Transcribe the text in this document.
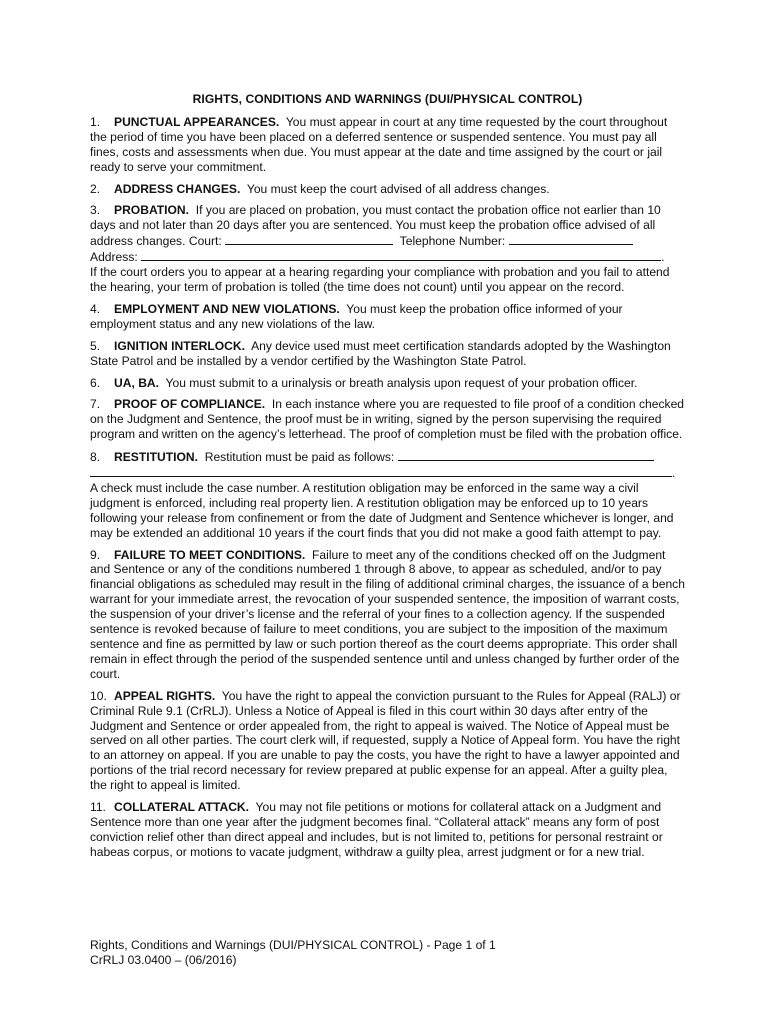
RIGHTS, CONDITIONS AND WARNINGS (DUI/PHYSICAL CONTROL)
1. PUNCTUAL APPEARANCES. You must appear in court at any time requested by the court throughout the period of time you have been placed on a deferred sentence or suspended sentence. You must pay all fines, costs and assessments when due. You must appear at the date and time assigned by the court or jail ready to serve your commitment.
2. ADDRESS CHANGES. You must keep the court advised of all address changes.
3. PROBATION. If you are placed on probation, you must contact the probation office not earlier than 10 days and not later than 20 days after you are sentenced. You must keep the probation office advised of all address changes. Court:	Telephone Number:
Address:	.
If the court orders you to appear at a hearing regarding your compliance with probation and you fail to attend the hearing, your term of probation is tolled (the time does not count) until you appear on the record.
4. EMPLOYMENT AND NEW VIOLATIONS. You must keep the probation office informed of your employment status and any new violations of the law.
5. IGNITION INTERLOCK. Any device used must meet certification standards adopted by the Washington State Patrol and be installed by a vendor certified by the Washington State Patrol.
6. UA, BA. You must submit to a urinalysis or breath analysis upon request of your probation officer.
7. PROOF OF COMPLIANCE. In each instance where you are requested to file proof of a condition checked on the Judgment and Sentence, the proof must be in writing, signed by the person supervising the required program and written on the agency’s letterhead. The proof of completion must be filed with the probation office.
8. RESTITUTION. Restitution must be paid as follows:
.
A check must include the case number. A restitution obligation may be enforced in the same way a civil judgment is enforced, including real property lien. A restitution obligation may be enforced up to 10 years following your release from confinement or from the date of Judgment and Sentence whichever is longer, and may be extended an additional 10 years if the court finds that you did not make a good faith attempt to pay.
9. FAILURE TO MEET CONDITIONS. Failure to meet any of the conditions checked off on the Judgment and Sentence or any of the conditions numbered 1 through 8 above, to appear as scheduled, and/or to pay financial obligations as scheduled may result in the filing of additional criminal charges, the issuance of a bench warrant for your immediate arrest, the revocation of your suspended sentence, the imposition of warrant costs, the suspension of your driver’s license and the referral of your fines to a collection agency. If the suspended sentence is revoked because of failure to meet conditions, you are subject to the imposition of the maximum sentence and fine as permitted by law or such portion thereof as the court deems appropriate. This order shall remain in effect through the period of the suspended sentence until and unless changed by further order of the court.
10. APPEAL RIGHTS. You have the right to appeal the conviction pursuant to the Rules for Appeal (RALJ) or Criminal Rule 9.1 (CrRLJ). Unless a Notice of Appeal is filed in this court within 30 days after entry of the Judgment and Sentence or order appealed from, the right to appeal is waived. The Notice of Appeal must be served on all other parties. The court clerk will, if requested, supply a Notice of Appeal form. You have the right to an attorney on appeal. If you are unable to pay the costs, you have the right to have a lawyer appointed and portions of the trial record necessary for review prepared at public expense for an appeal. After a guilty plea, the right to appeal is limited.
11. COLLATERAL ATTACK. You may not file petitions or motions for collateral attack on a Judgment and Sentence more than one year after the judgment becomes final. “Collateral attack” means any form of post conviction relief other than direct appeal and includes, but is not limited to, petitions for personal restraint or habeas corpus, or motions to vacate judgment, withdraw a guilty plea, arrest judgment or for a new trial.
Rights, Conditions and Warnings (DUI/PHYSICAL CONTROL) - Page 1 of 1
CrRLJ 03.0400 – (06/2016)
